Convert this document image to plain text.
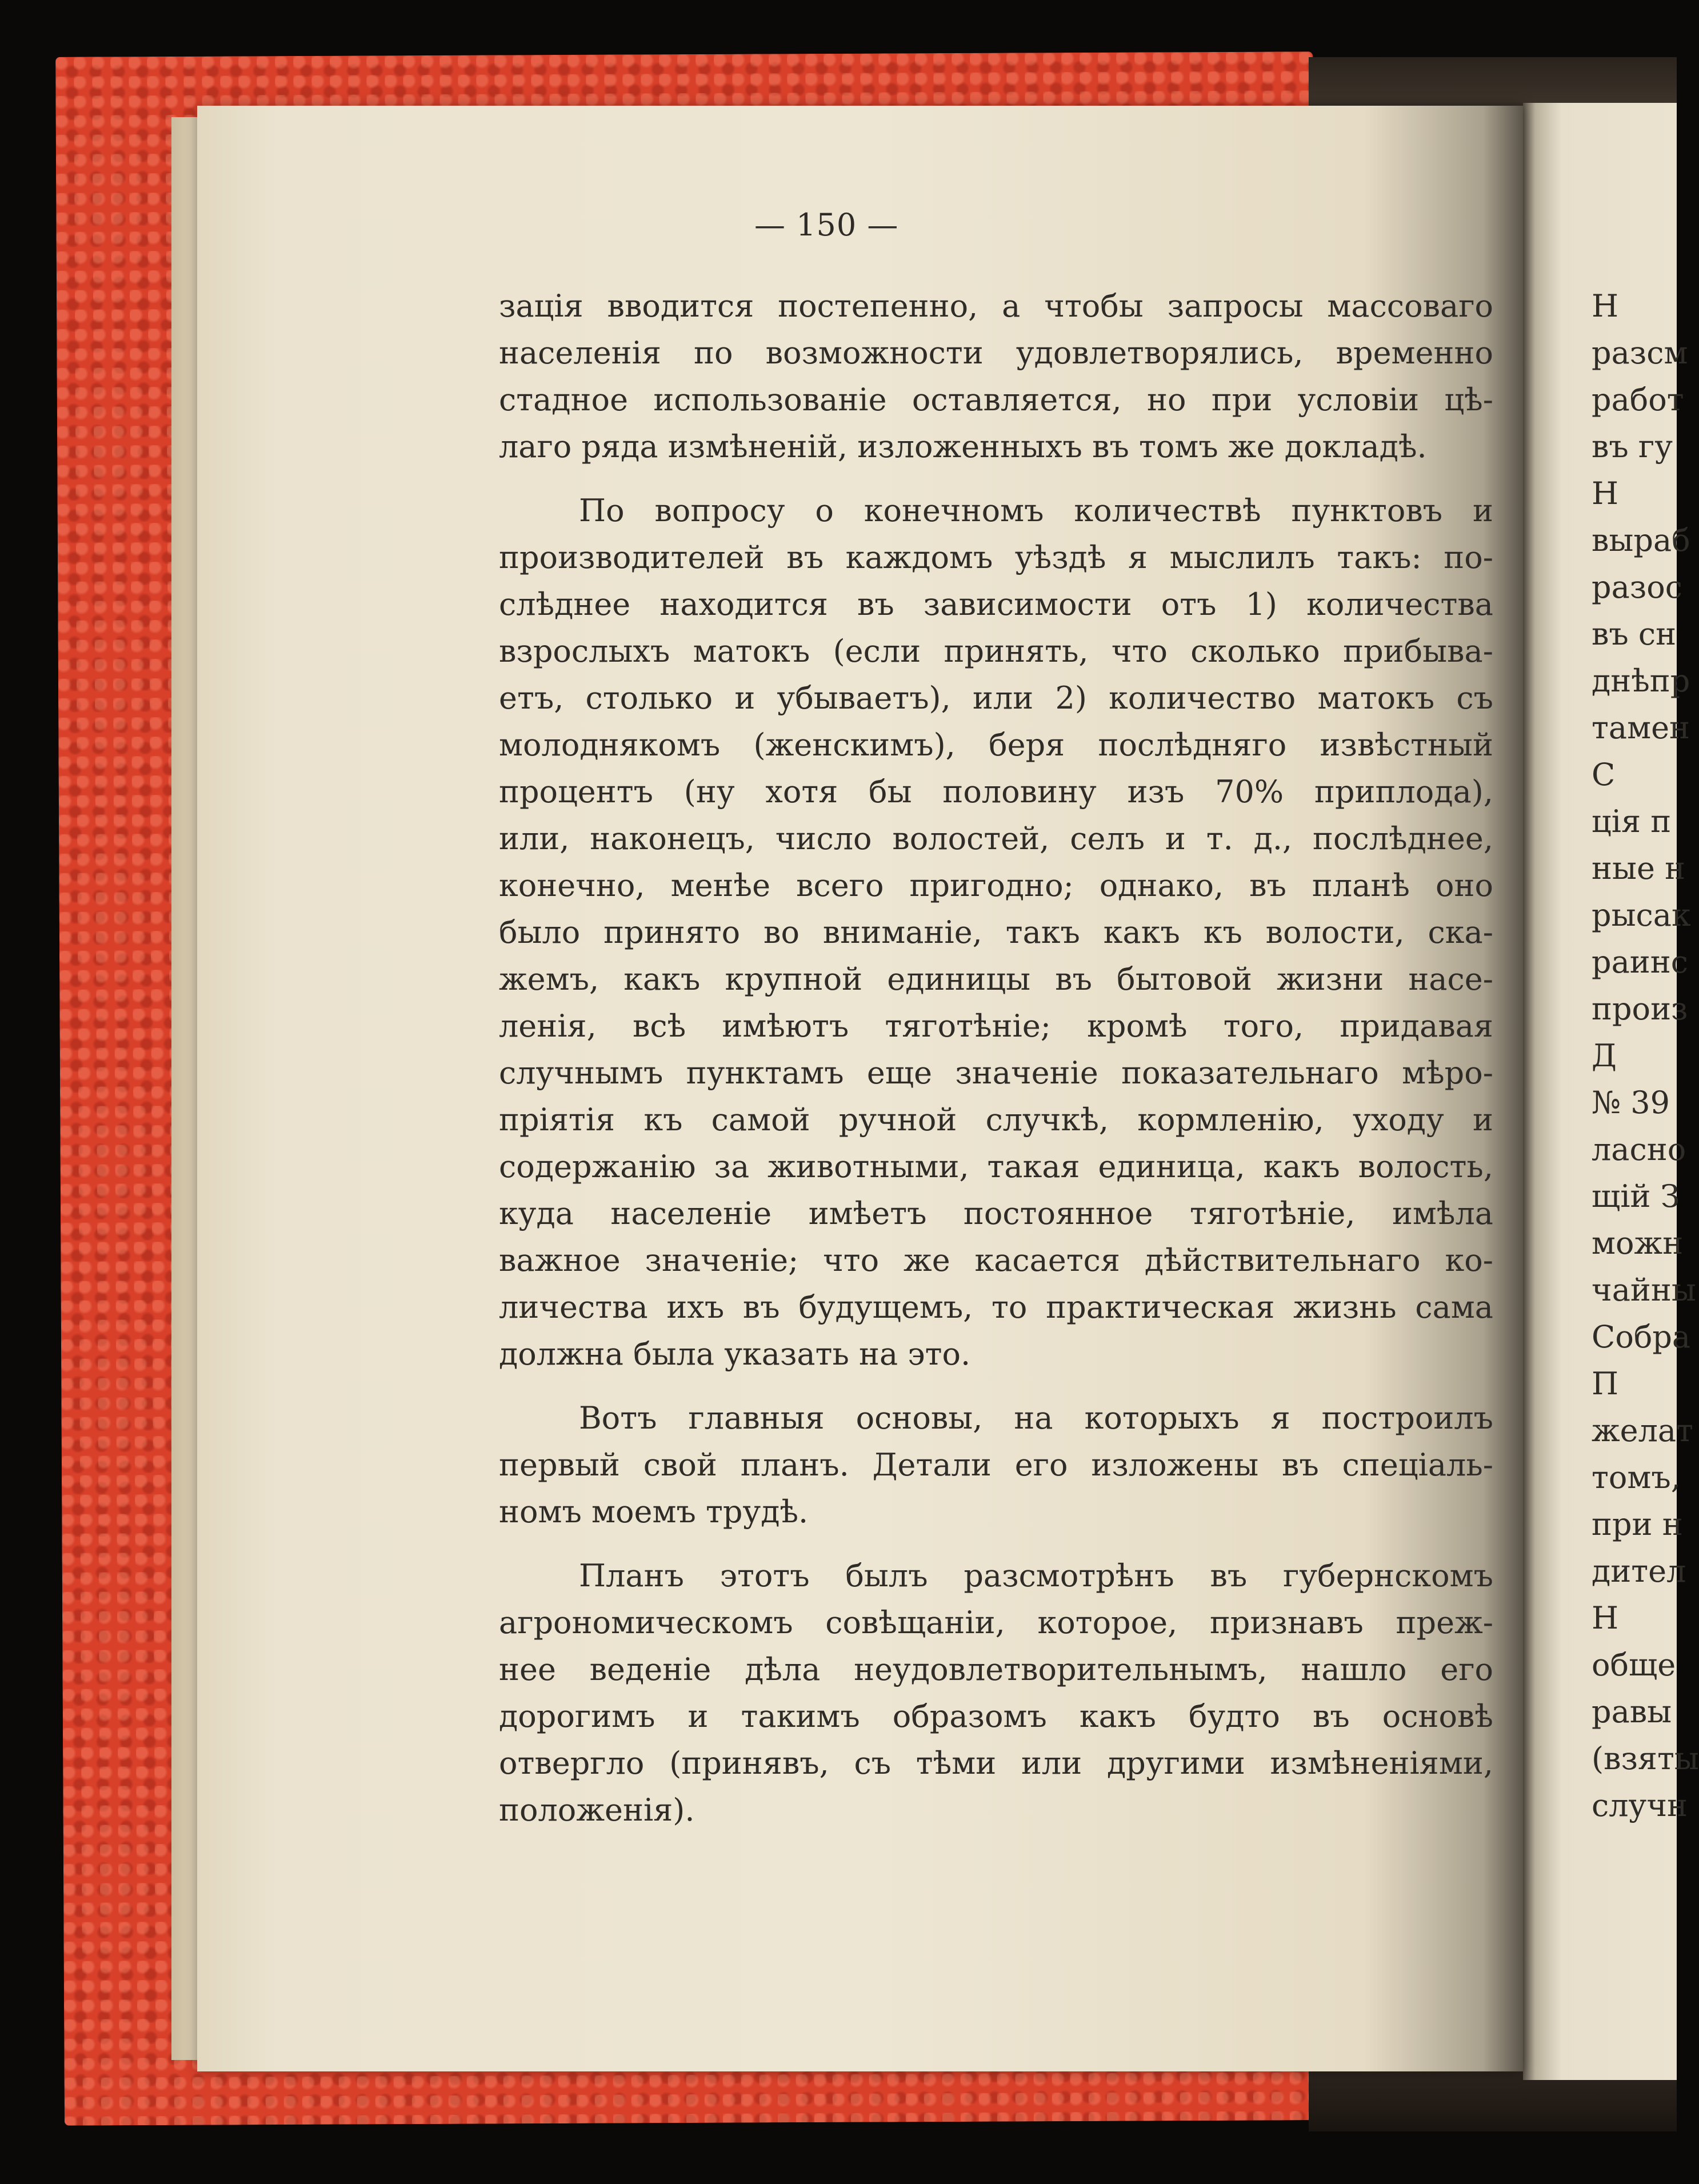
— 150 —
зація вводится постепенно, а чтобы запросы массоваго
населенія по возможности удовлетворялись, временно
стадное использованіе оставляется, но при условіи цѣ-
лаго ряда измѣненій, изложенныхъ въ томъ же докладѣ.
По вопросу о конечномъ количествѣ пунктовъ и
производителей въ каждомъ уѣздѣ я мыслилъ такъ: по-
слѣднее находится въ зависимости отъ 1) количества
взрослыхъ матокъ (если принять, что сколько прибыва-
етъ, столько и убываетъ), или 2) количество матокъ съ
молоднякомъ (женскимъ), беря послѣдняго извѣстный
процентъ (ну хотя бы половину изъ 70% приплода),
или, наконецъ, число волостей, селъ и т. д., послѣднее,
конечно, менѣе всего пригодно; однако, въ планѣ оно
было принято во вниманіе, такъ какъ къ волости, ска-
жемъ, какъ крупной единицы въ бытовой жизни насе-
ленія, всѣ имѣютъ тяготѣніе; кромѣ того, придавая
случнымъ пунктамъ еще значеніе показательнаго мѣро-
пріятія къ самой ручной случкѣ, кормленію, уходу и
содержанію за животными, такая единица, какъ волость,
куда населеніе имѣетъ постоянное тяготѣніе, имѣла
важное значеніе; что же касается дѣйствительнаго ко-
личества ихъ въ будущемъ, то практическая жизнь сама
должна была указать на это.
Вотъ главныя основы, на которыхъ я построилъ
первый свой планъ. Детали его изложены въ спеціаль-
номъ моемъ трудѣ.
Планъ этотъ былъ разсмотрѣнъ въ губернскомъ
агрономическомъ совѣщаніи, которое, признавъ преж-
нее веденіе дѣла неудовлетворительнымъ, нашло его
дорогимъ и такимъ образомъ какъ будто въ основѣ
отвергло (принявъ, съ тѣми или другими измѣненіями,
положенія).
Н
разсм
работ
въ гу
Н
выраб
разос
въ сн
днѣпр
тамен
С
ція п
ные н
рысак
раинс
произ
Д
№ 39
ласно
щій З
можн
чайны
Собра
П
желат
томъ,
при н
дител
Н
обще
равы
(взяты
случн
